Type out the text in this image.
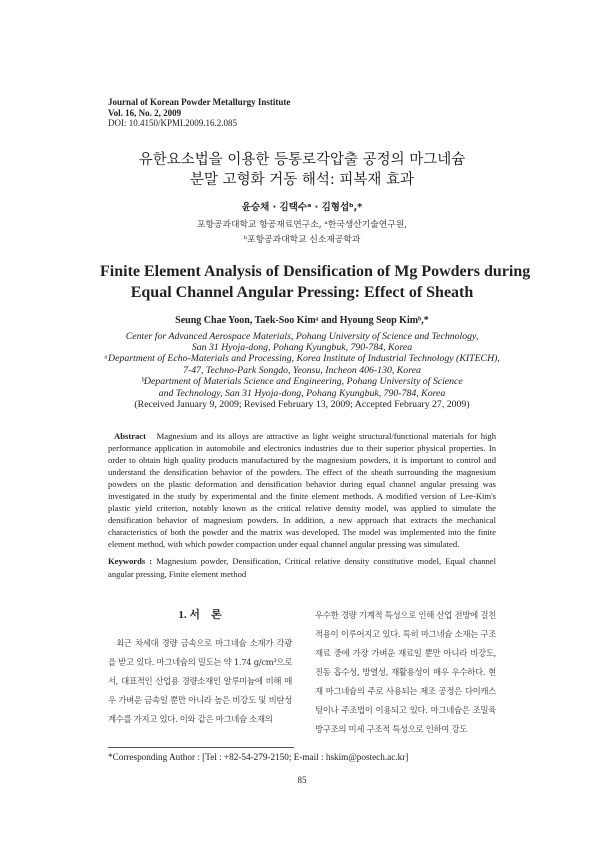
Journal of Korean Powder Metallurgy Institute
Vol. 16, No. 2, 2009
DOI: 10.4150/KPMI.2009.16.2.085
유한요소법을 이용한 등통로각압출 공정의 마그네슘
분말 고형화 거동 해석: 피복재 효과
윤승채 · 김택수ᵃ · 김형섭ᵇ,*
포항공과대학교 항공재료연구소, ᵃ한국생산기술연구원,
ᵇ포항공과대학교 신소재공학과
Finite Element Analysis of Densification of Mg Powders during
Equal Channel Angular Pressing: Effect of Sheath
Seung Chae Yoon, Taek-Soo Kimᵃ and Hyoung Seop Kimᵇ,*
Center for Advanced Aerospace Materials, Pohang University of Science and Technology,
San 31 Hyoja-dong, Pohang Kyungbuk, 790-784, Korea
ᵃDepartment of Echo-Materials and Processing, Korea Institute of Industrial Technology (KITECH),
7-47, Techno-Park Songdo, Yeonsu, Incheon 406-130, Korea
ᵇDepartment of Materials Science and Engineering, Pohang University of Science
and Technology, San 31 Hyoja-dong, Pohang Kyungbuk, 790-784, Korea
(Received January 9, 2009; Revised February 13, 2009; Accepted February 27, 2009)
Abstract Magnesium and its alloys are attractive as light weight structural/functional materials for high performance application in automobile and electronics industries due to their superior physical properties. In order to obtain high quality products manufactured by the magnesium powders, it is important to control and understand the densification behavior of the powders. The effect of the sheath surrounding the magnesium powders on the plastic deformation and densification behavior during equal channel angular pressing was investigated in the study by experimental and the finite element methods. A modified version of Lee-Kim's plastic yield criterion, notably known as the critical relative density model, was applied to simulate the densification behavior of magnesium powders. In addition, a new approach that extracts the mechanical characteristics of both the powder and the matrix was developed. The model was implemented into the finite element method, with which powder compaction under equal channel angular pressing was simulated.
Keywords : Magnesium powder, Densification, Critical relative density constitutive model, Equal channel angular pressing, Finite element method
1. 서　론
최근 차세대 경량 금속으로 마그네슘 소재가 각광을 받고 있다. 마그네슘의 밀도는 약 1.74 g/cm³으로서, 대표적인 산업용 경량소재인 알루미늄에 비해 매우 가벼운 금속일 뿐만 아니라 높은 비강도 및 비탄성계수를 가지고 있다. 이와 같은 마그네슘 소재의
우수한 경량 기계적 특성으로 인해 산업 전방에 걸친 적용이 이루어지고 있다. 특히 마그네슘 소재는 구조 재료 중에 가장 가벼운 재료일 뿐만 아니라 비강도, 진동 흡수성, 방열성, 재활용성이 매우 우수하다. 현재 마그네슘의 주로 사용되는 제조 공정은 다이캐스팅이나 주조법이 이용되고 있다. 마그네슘은 조밀육방구조의 미세 구조적 특성으로 인하여 강도
*Corresponding Author : [Tel : +82-54-279-2150; E-mail : hskim@postech.ac.kr]
85
